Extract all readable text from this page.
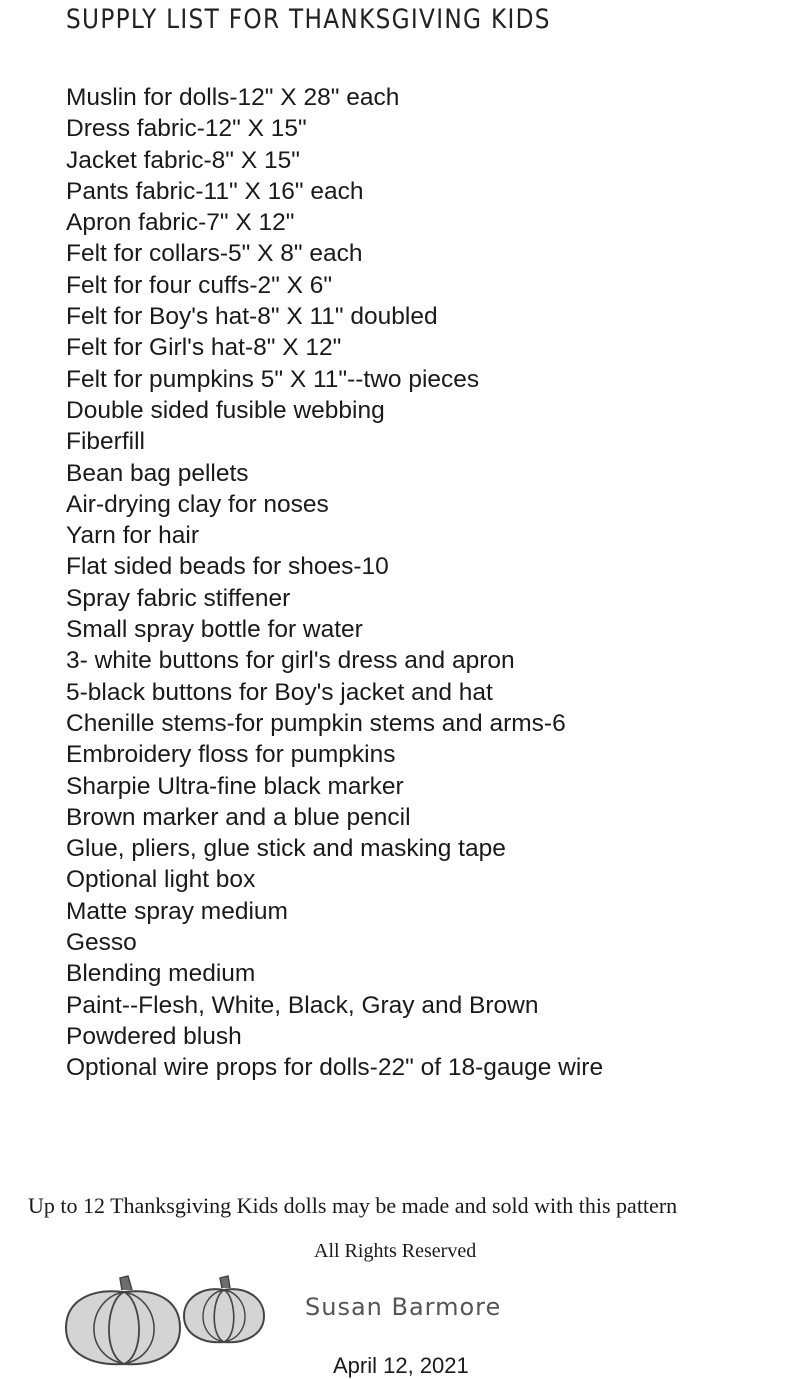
SUPPLY LIST FOR THANKSGIVING KIDS
Muslin for dolls-12" X 28" each
Dress fabric-12" X 15"
Jacket fabric-8" X 15"
Pants fabric-11" X 16" each
Apron fabric-7" X 12"
Felt for collars-5" X 8" each
Felt for four cuffs-2" X 6"
Felt for Boy's hat-8" X 11" doubled
Felt for Girl's hat-8" X 12"
Felt for pumpkins 5" X 11"--two pieces
Double sided fusible webbing
Fiberfill
Bean bag pellets
Air-drying clay for noses
Yarn for hair
Flat sided beads for shoes-10
Spray fabric stiffener
Small spray bottle for water
3- white buttons for girl's dress and apron
5-black buttons for Boy's jacket and hat
Chenille stems-for pumpkin stems and arms-6
Embroidery floss for pumpkins
Sharpie Ultra-fine black marker
Brown marker and a blue pencil
Glue, pliers, glue stick and masking tape
Optional light box
Matte spray medium
Gesso
Blending medium
Paint--Flesh, White, Black, Gray and Brown
Powdered blush
Optional wire props for dolls-22" of 18-gauge wire
Up to 12 Thanksgiving Kids dolls may be made and sold with this pattern
All Rights Reserved
Susan Barmore
April 12, 2021
